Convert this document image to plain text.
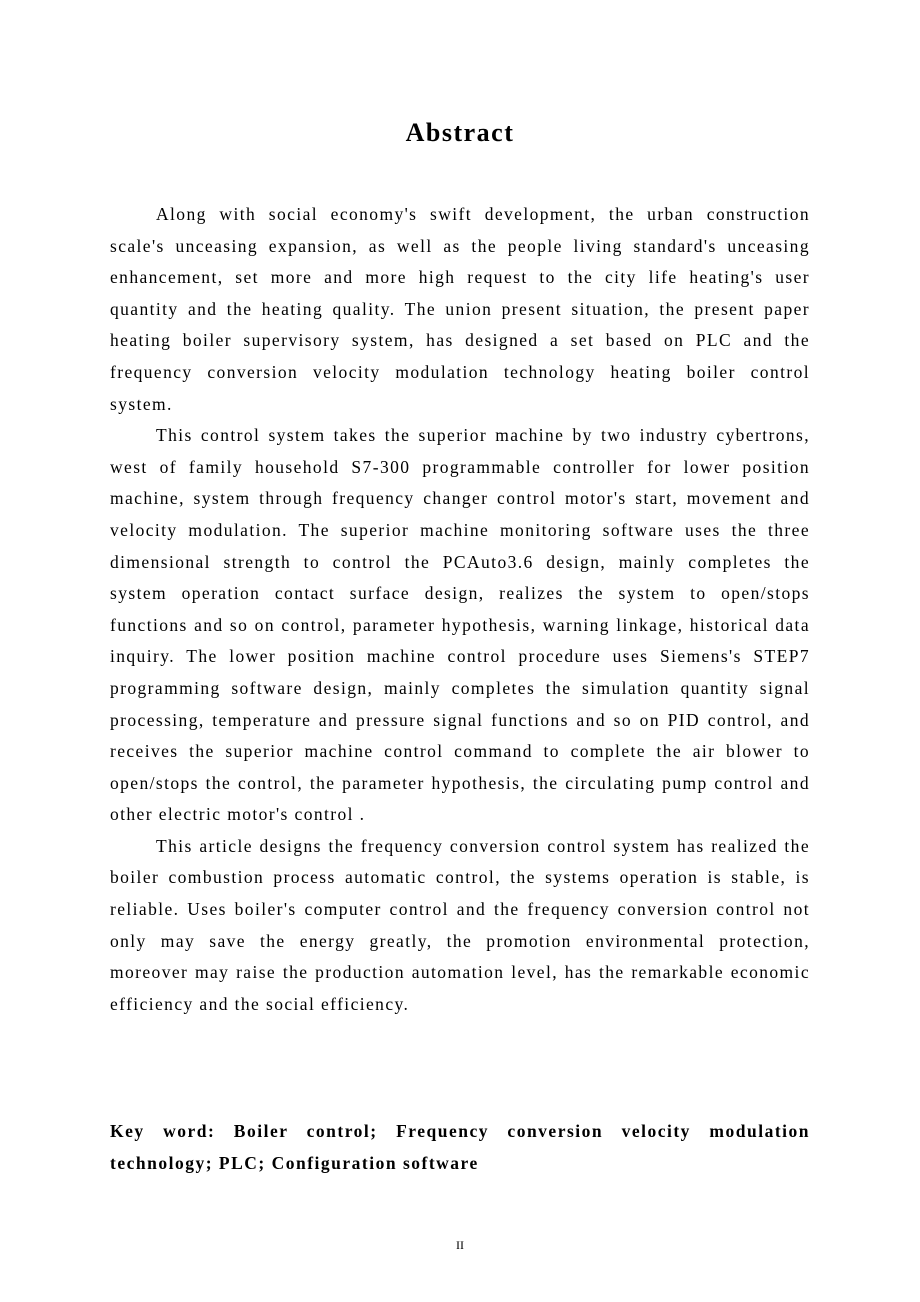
Abstract

Along with social economy's swift development, the urban construction scale's unceasing expansion, as well as the people living standard's unceasing enhancement, set more and more high request to the city life heating's user quantity and the heating quality. The union present situation, the present paper heating boiler supervisory system, has designed a set based on PLC and the frequency conversion velocity modulation technology heating boiler control system.

This control system takes the superior machine by two industry cybertrons, west of family household S7-300 programmable controller for lower position machine, system through frequency changer control motor's start, movement and velocity modulation. The superior machine monitoring software uses the three dimensional strength to control the PCAuto3.6 design, mainly completes the system operation contact surface design, realizes the system to open/stops functions and so on control, parameter hypothesis, warning linkage, historical data inquiry. The lower position machine control procedure uses Siemens's STEP7 programming software design, mainly completes the simulation quantity signal processing, temperature and pressure signal functions and so on PID control, and receives the superior machine control command to complete the air blower to open/stops the control, the parameter hypothesis, the circulating pump control and other electric motor's control .

This article designs the frequency conversion control system has realized the boiler combustion process automatic control, the systems operation is stable, is reliable. Uses boiler's computer control and the frequency conversion control not only may save the energy greatly, the promotion environmental protection, moreover may raise the production automation level, has the remarkable economic efficiency and the social efficiency.

Key word: Boiler control; Frequency conversion velocity modulation technology; PLC; Configuration software

II
